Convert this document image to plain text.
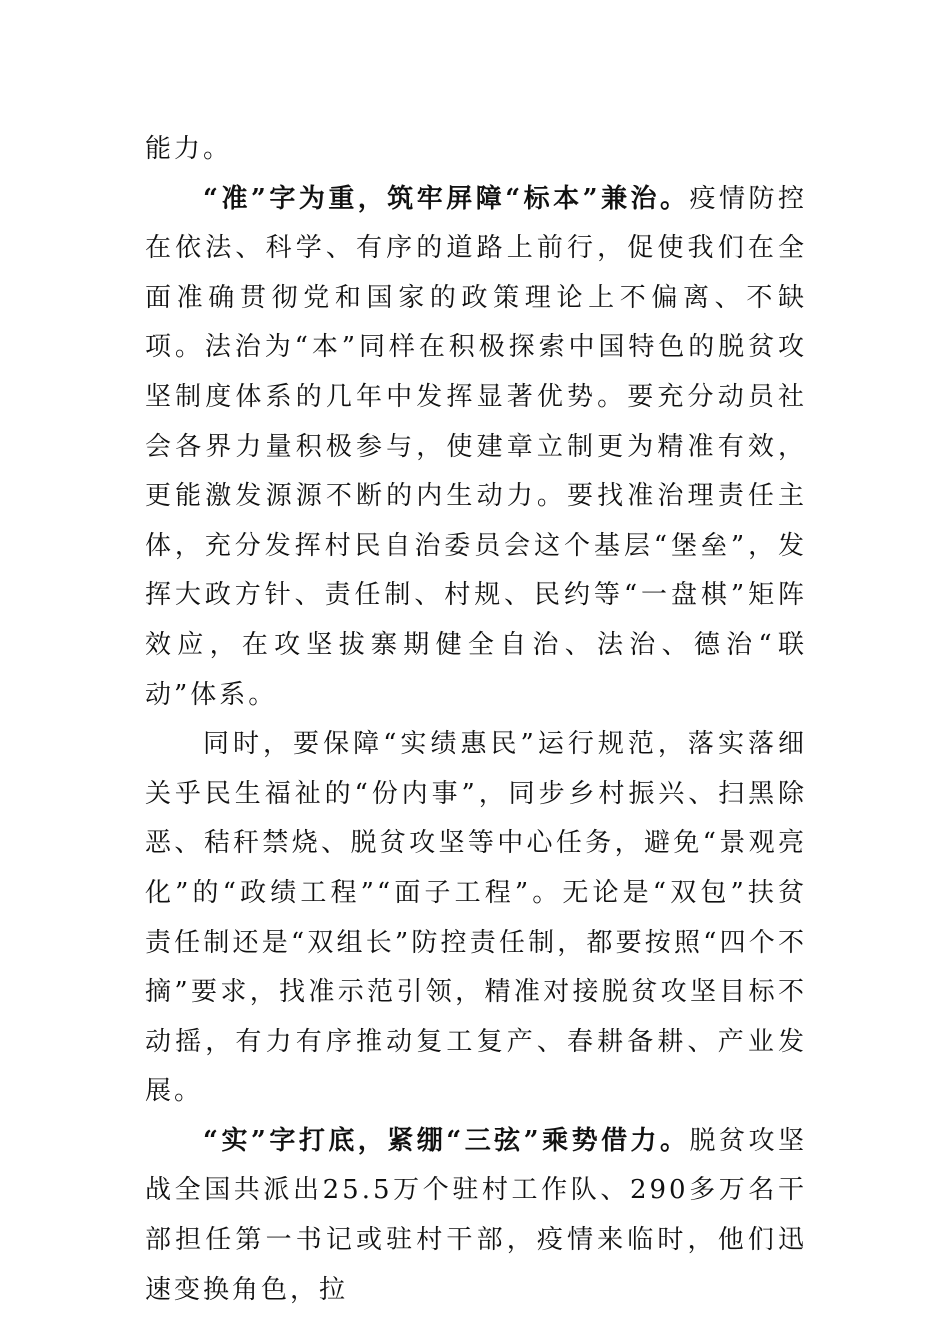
能力。

“准”字为重，筑牢屏障“标本”兼治。疫情防控在依法、科学、有序的道路上前行，促使我们在全面准确贯彻党和国家的政策理论上不偏离、不缺项。法治为“本”同样在积极探索中国特色的脱贫攻坚制度体系的几年中发挥显著优势。要充分动员社会各界力量积极参与，使建章立制更为精准有效，更能激发源源不断的内生动力。要找准治理责任主体，充分发挥村民自治委员会这个基层“堡垒”，发挥大政方针、责任制、村规、民约等“一盘棋”矩阵效应，在攻坚拔寨期健全自治、法治、德治“联动”体系。

同时，要保障“实绩惠民”运行规范，落实落细关乎民生福祉的“份内事”，同步乡村振兴、扫黑除恶、秸秆禁烧、脱贫攻坚等中心任务，避免“景观亮化”的“政绩工程”“面子工程”。无论是“双包”扶贫责任制还是“双组长”防控责任制，都要按照“四个不摘”要求，找准示范引领，精准对接脱贫攻坚目标不动摇，有力有序推动复工复产、春耕备耕、产业发展。

“实”字打底，紧绷“三弦”乘势借力。脱贫攻坚战全国共派出25.5万个驻村工作队、290多万名干部担任第一书记或驻村干部，疫情来临时，他们迅速变换角色，拉
